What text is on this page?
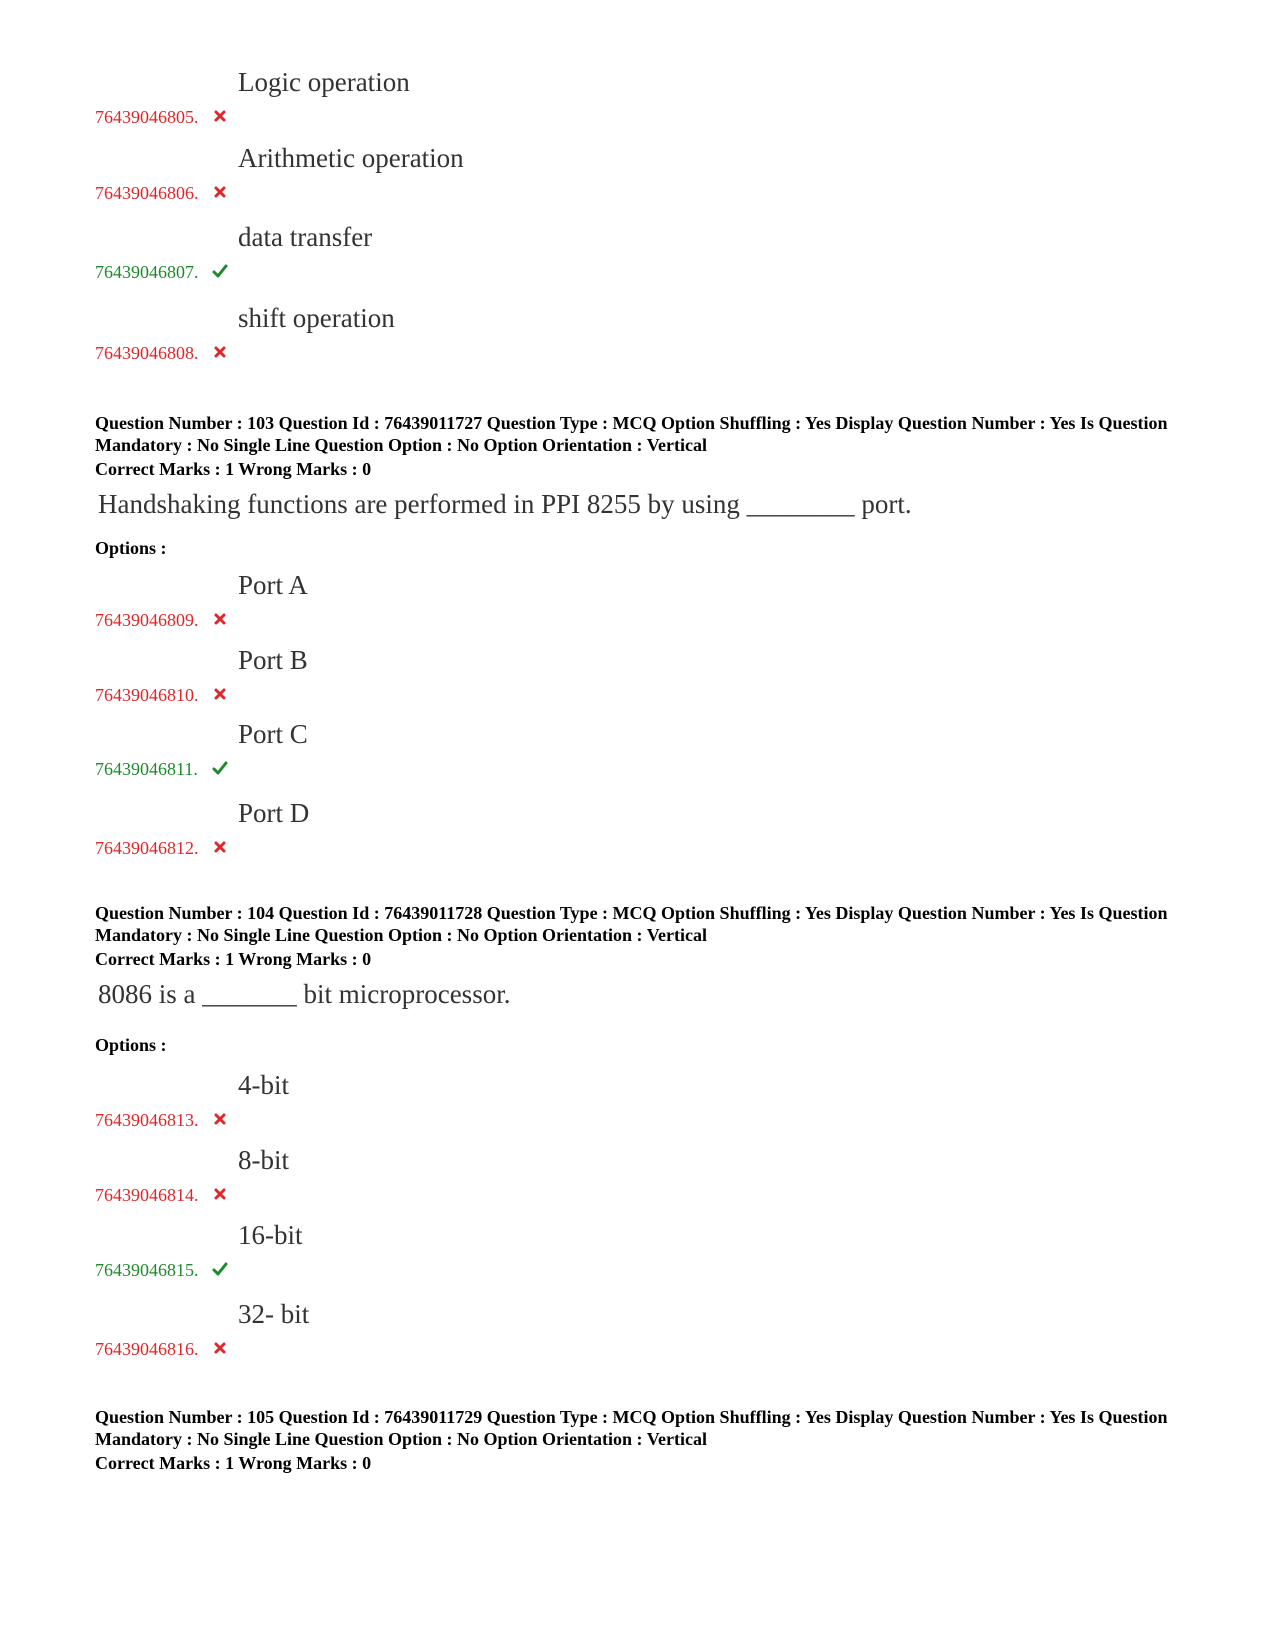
Logic operation
76439046805.
Arithmetic operation
76439046806.
data transfer
76439046807.
shift operation
76439046808.
Question Number : 103 Question Id : 76439011727 Question Type : MCQ Option Shuffling : Yes Display Question Number : Yes Is Question Mandatory : No Single Line Question Option : No Option Orientation : Vertical
Correct Marks : 1 Wrong Marks : 0
Handshaking functions are performed in PPI 8255 by using ________ port.
Options :
Port A
76439046809.
Port B
76439046810.
Port C
76439046811.
Port D
76439046812.
Question Number : 104 Question Id : 76439011728 Question Type : MCQ Option Shuffling : Yes Display Question Number : Yes Is Question Mandatory : No Single Line Question Option : No Option Orientation : Vertical
Correct Marks : 1 Wrong Marks : 0
8086 is a _______ bit microprocessor.
Options :
4-bit
76439046813.
8-bit
76439046814.
16-bit
76439046815.
32- bit
76439046816.
Question Number : 105 Question Id : 76439011729 Question Type : MCQ Option Shuffling : Yes Display Question Number : Yes Is Question Mandatory : No Single Line Question Option : No Option Orientation : Vertical
Correct Marks : 1 Wrong Marks : 0
